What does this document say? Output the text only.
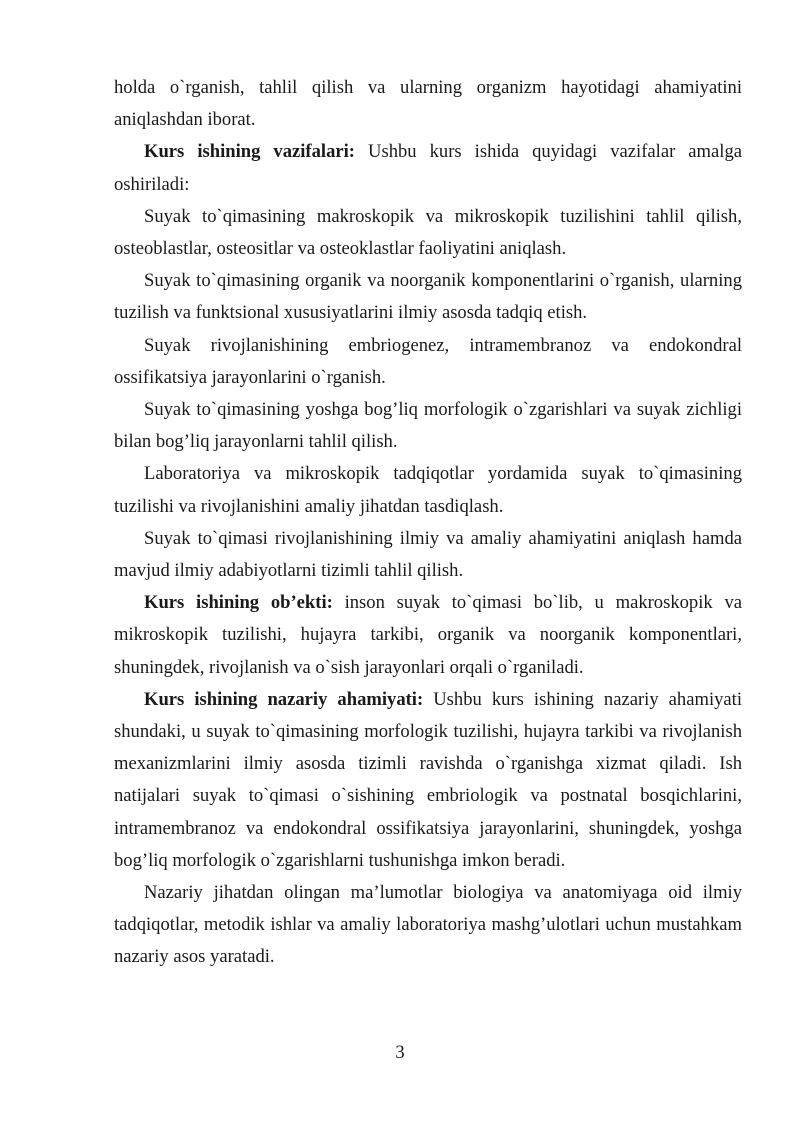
holda o`rganish, tahlil qilish va ularning organizm hayotidagi ahamiyatini aniqlashdan iborat.

Kurs ishining vazifalari: Ushbu kurs ishida quyidagi vazifalar amalga oshiriladi:

Suyak to`qimasining makroskopik va mikroskopik tuzilishini tahlil qilish, osteoblastlar, osteositlar va osteoklastlar faoliyatini aniqlash.

Suyak to`qimasining organik va noorganik komponentlarini o`rganish, ularning tuzilish va funktsional xususiyatlarini ilmiy asosda tadqiq etish.

Suyak rivojlanishining embriogenez, intramembranoz va endokondral ossifikatsiya jarayonlarini o`rganish.

Suyak to`qimasining yoshga bog’liq morfologik o`zgarishlari va suyak zichligi bilan bog’liq jarayonlarni tahlil qilish.

Laboratoriya va mikroskopik tadqiqotlar yordamida suyak to`qimasining tuzilishi va rivojlanishini amaliy jihatdan tasdiqlash.

Suyak to`qimasi rivojlanishining ilmiy va amaliy ahamiyatini aniqlash hamda mavjud ilmiy adabiyotlarni tizimli tahlil qilish.

Kurs ishining ob’ekti: inson suyak to`qimasi bo`lib, u makroskopik va mikroskopik tuzilishi, hujayra tarkibi, organik va noorganik komponentlari, shuningdek, rivojlanish va o`sish jarayonlari orqali o`rganiladi.

Kurs ishining nazariy ahamiyati: Ushbu kurs ishining nazariy ahamiyati shundaki, u suyak to`qimasining morfologik tuzilishi, hujayra tarkibi va rivojlanish mexanizmlarini ilmiy asosda tizimli ravishda o`rganishga xizmat qiladi. Ish natijalari suyak to`qimasi o`sishining embriologik va postnatal bosqichlarini, intramembranoz va endokondral ossifikatsiya jarayonlarini, shuningdek, yoshga bog’liq morfologik o`zgarishlarni tushunishga imkon beradi.

Nazariy jihatdan olingan ma’lumotlar biologiya va anatomiyaga oid ilmiy tadqiqotlar, metodik ishlar va amaliy laboratoriya mashg’ulotlari uchun mustahkam nazariy asos yaratadi.

3
